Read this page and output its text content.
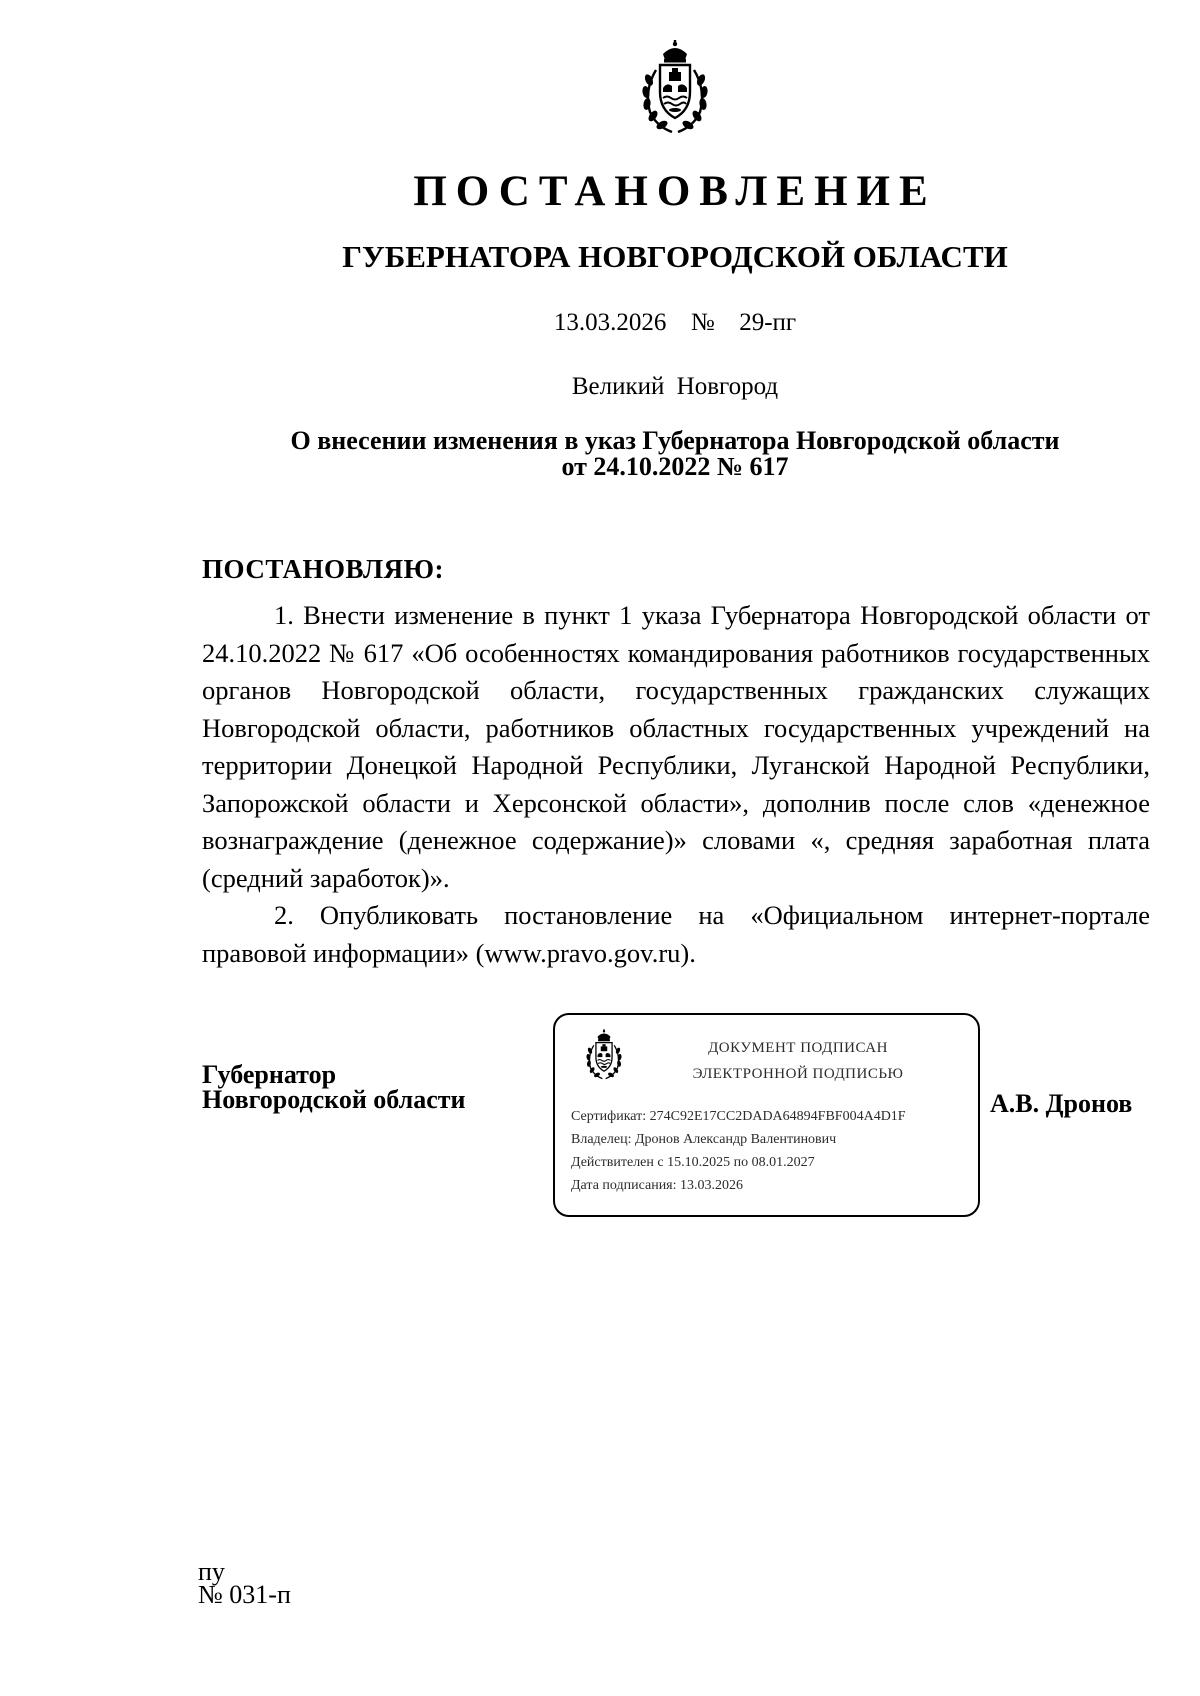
ПОСТАНОВЛЕНИЕ
ГУБЕРНАТОРА НОВГОРОДСКОЙ ОБЛАСТИ
13.03.2026 № 29-пг
Великий Новгород
О внесении изменения в указ Губернатора Новгородской области
от 24.10.2022 № 617
ПОСТАНОВЛЯЮ:

1. Внести изменение в пункт 1 указа Губернатора Новгородской области от 24.10.2022 № 617 «Об особенностях командирования работников государственных органов Новгородской области, государственных гражданских служащих Новгородской области, работников областных государственных учреждений на территории Донецкой Народной Республики, Луганской Народной Республики, Запорожской области и Херсонской области», дополнив после слов «денежное вознаграждение (денежное содержание)» словами «, средняя заработная плата (средний заработок)».

2. Опубликовать постановление на «Официальном интернет-портале правовой информации» (www.pravo.gov.ru).

Губернатор
Новгородской области
ДОКУМЕНТ ПОДПИСАН
ЭЛЕКТРОННОЙ ПОДПИСЬЮ
Сертификат: 274C92E17CC2DADA64894FBF004A4D1F
Владелец: Дронов Александр Валентинович
Действителен с 15.10.2025 по 08.01.2027
Дата подписания: 13.03.2026
А.В. Дронов
пу
№ 031-п
